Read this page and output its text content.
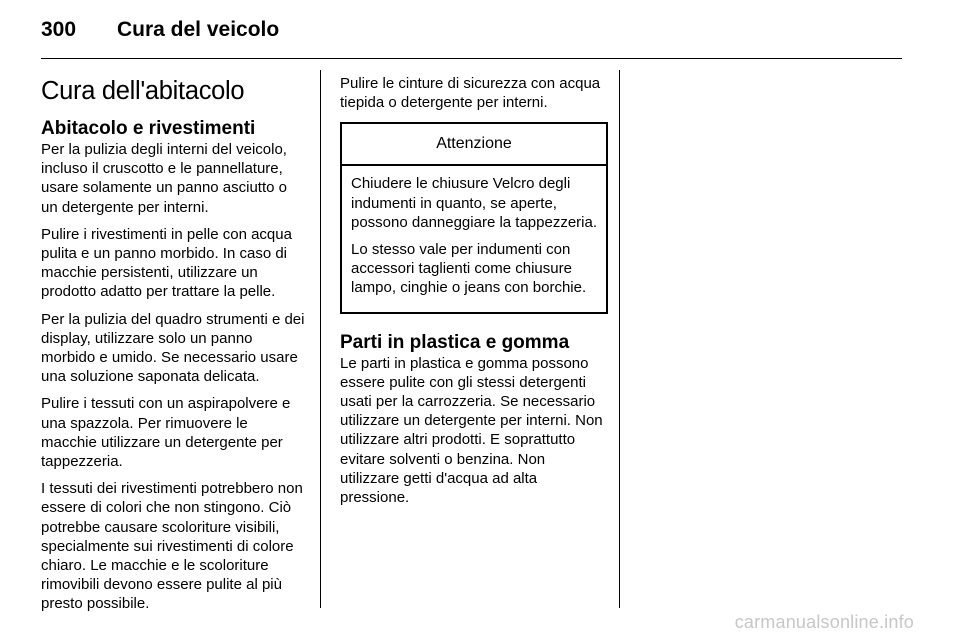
300 Cura del veicolo
Cura dell'abitacolo
Abitacolo e rivestimenti

Per la pulizia degli interni del veicolo, incluso il cruscotto e le pannellature, usare solamente un panno asciutto o un detergente per interni.

Pulire i rivestimenti in pelle con acqua pulita e un panno morbido. In caso di macchie persistenti, utilizzare un prodotto adatto per trattare la pelle.

Per la pulizia del quadro strumenti e dei display, utilizzare solo un panno morbido e umido. Se necessario usare una soluzione saponata delicata.

Pulire i tessuti con un aspirapolvere e una spazzola. Per rimuovere le macchie utilizzare un detergente per tappezzeria.

I tessuti dei rivestimenti potrebbero non essere di colori che non stingono. Ciò potrebbe causare scoloriture visibili, specialmente sui rivestimenti di colore chiaro. Le macchie e le scoloriture rimovibili devono essere pulite al più presto possibile.

Pulire le cinture di sicurezza con acqua tiepida o detergente per interni.

Attenzione

Chiudere le chiusure Velcro degli indumenti in quanto, se aperte, possono danneggiare la tappezzeria.

Lo stesso vale per indumenti con accessori taglienti come chiusure lampo, cinghie o jeans con borchie.

Parti in plastica e gomma

Le parti in plastica e gomma possono essere pulite con gli stessi detergenti usati per la carrozzeria. Se necessario utilizzare un detergente per interni. Non utilizzare altri prodotti. E soprattutto evitare solventi o benzina. Non utilizzare getti d'acqua ad alta pressione.

carmanualsonline.info
